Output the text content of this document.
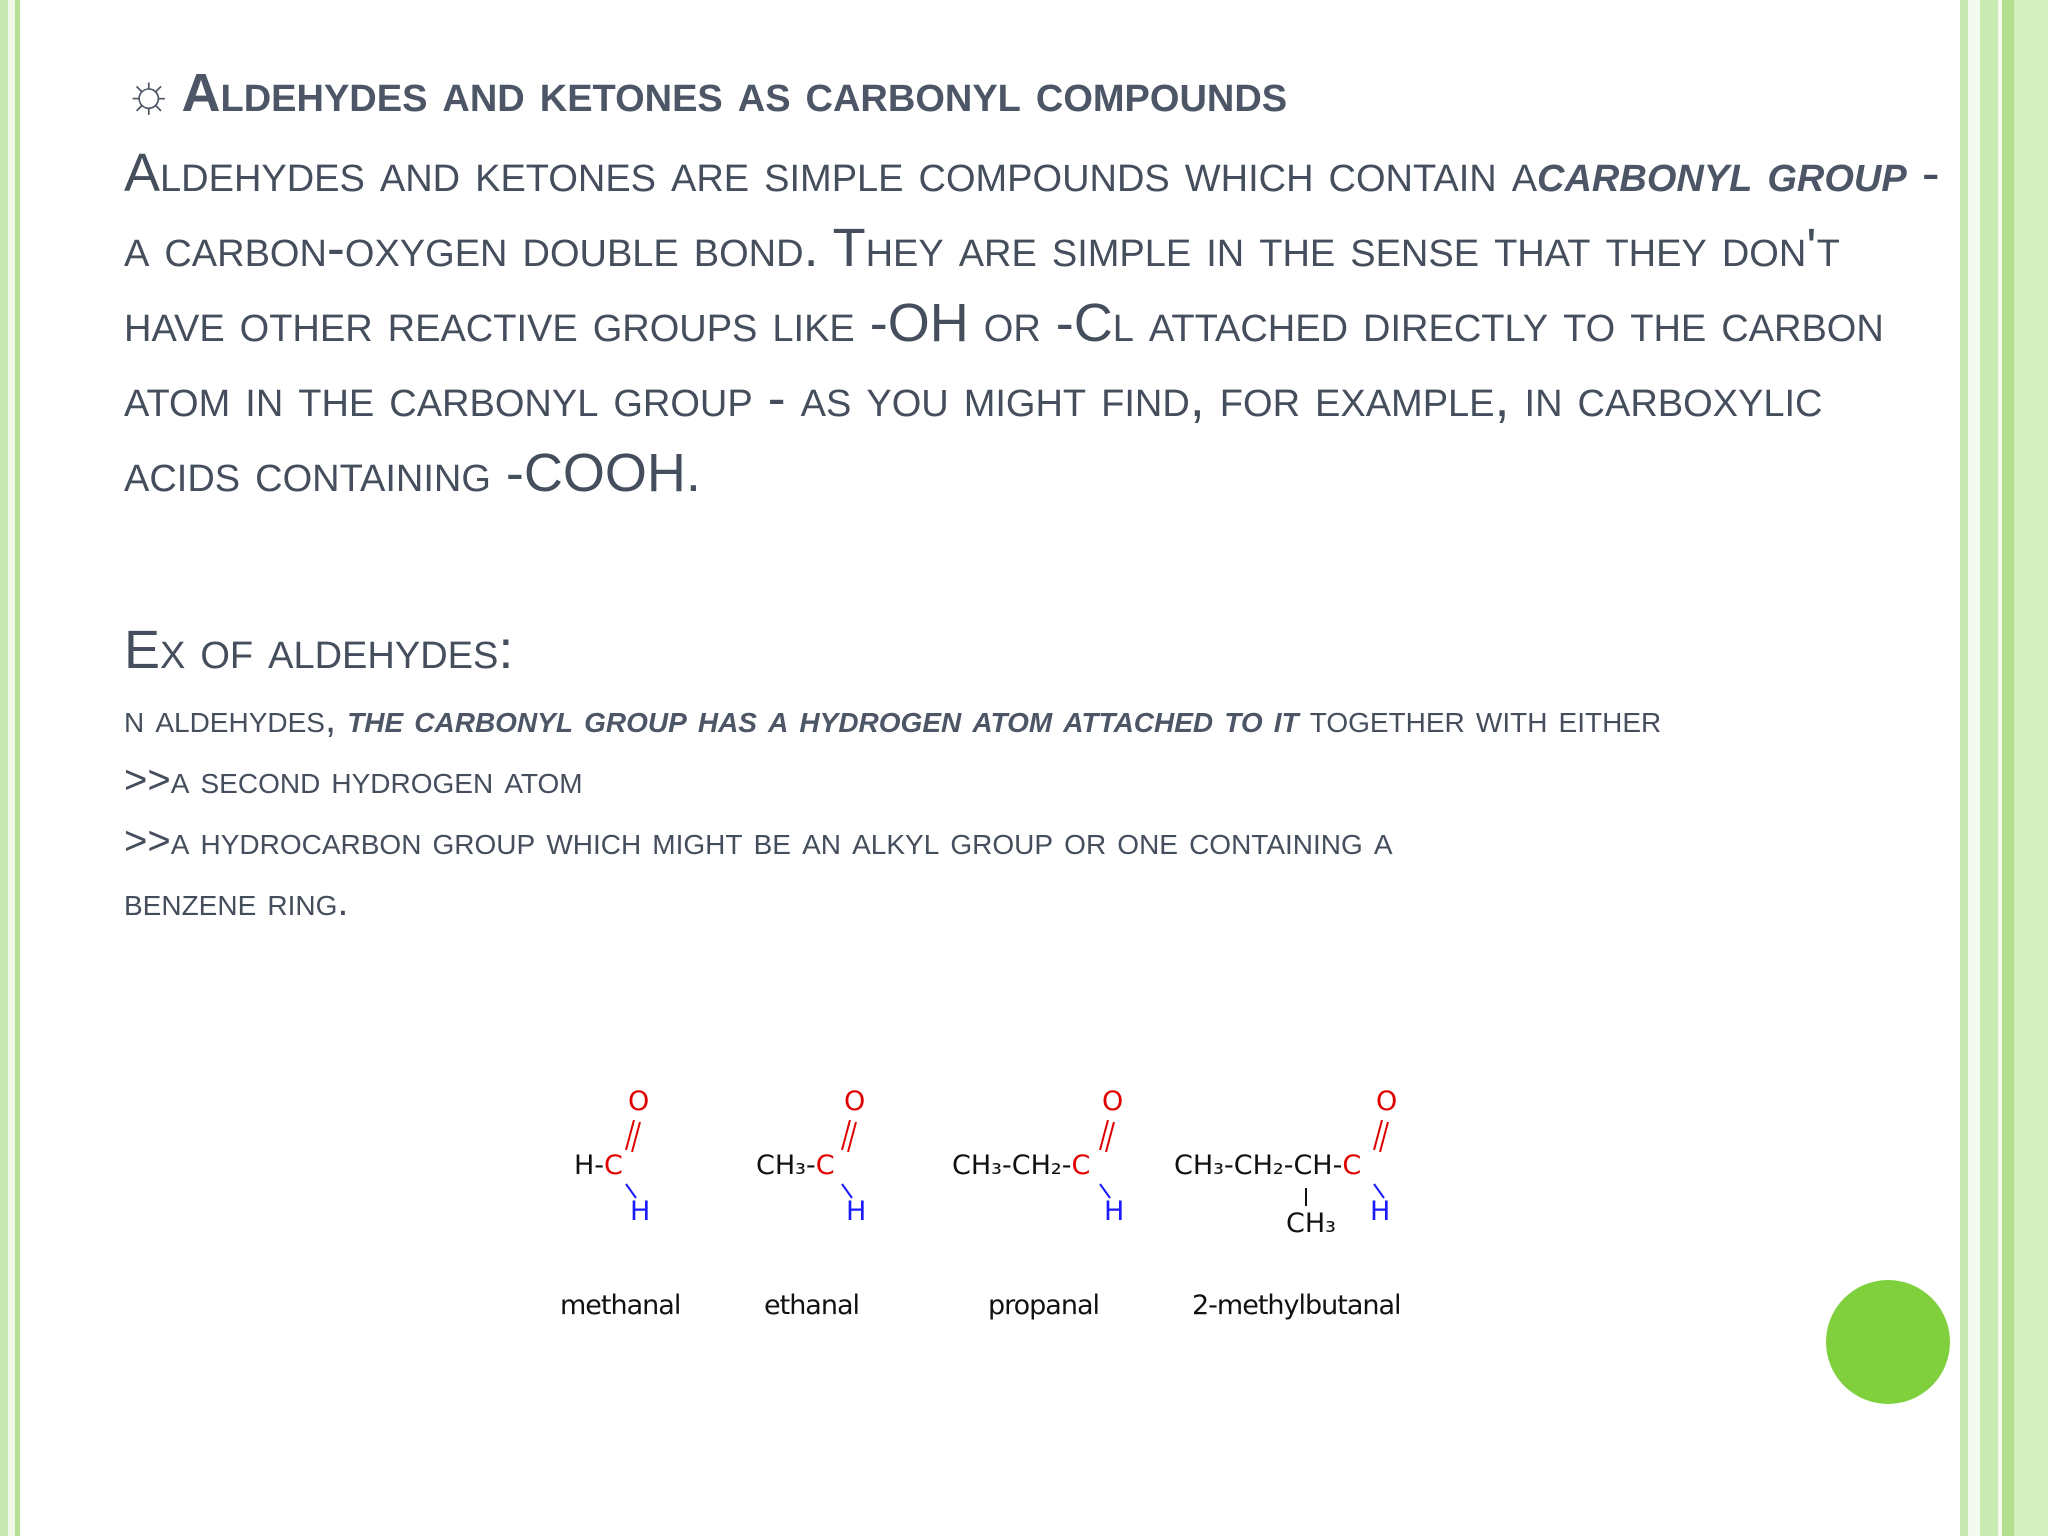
☼ Aldehydes and ketones as carbonyl compounds
Aldehydes and ketones are simple compounds which contain acarbonyl group - a carbon-oxygen double bond. They are simple in the sense that they don't have other reactive groups like -OH or -Cl attached directly to the carbon atom in the carbonyl group - as you might find, for example, in carboxylic acids containing -COOH.
Ex of aldehydes:
n aldehydes, the carbonyl group has a hydrogen atom attached to it together with either
>>a second hydrogen atom
>>a hydrocarbon group which might be an alkyl group or one containing a
benzene ring.
O
H-C
H
methanal
O
CH₃-C
H
ethanal
O
CH₃-CH₂-C
H
propanal
O
CH₃-CH₂-CH-C
CH₃ H
2-methylbutanal
